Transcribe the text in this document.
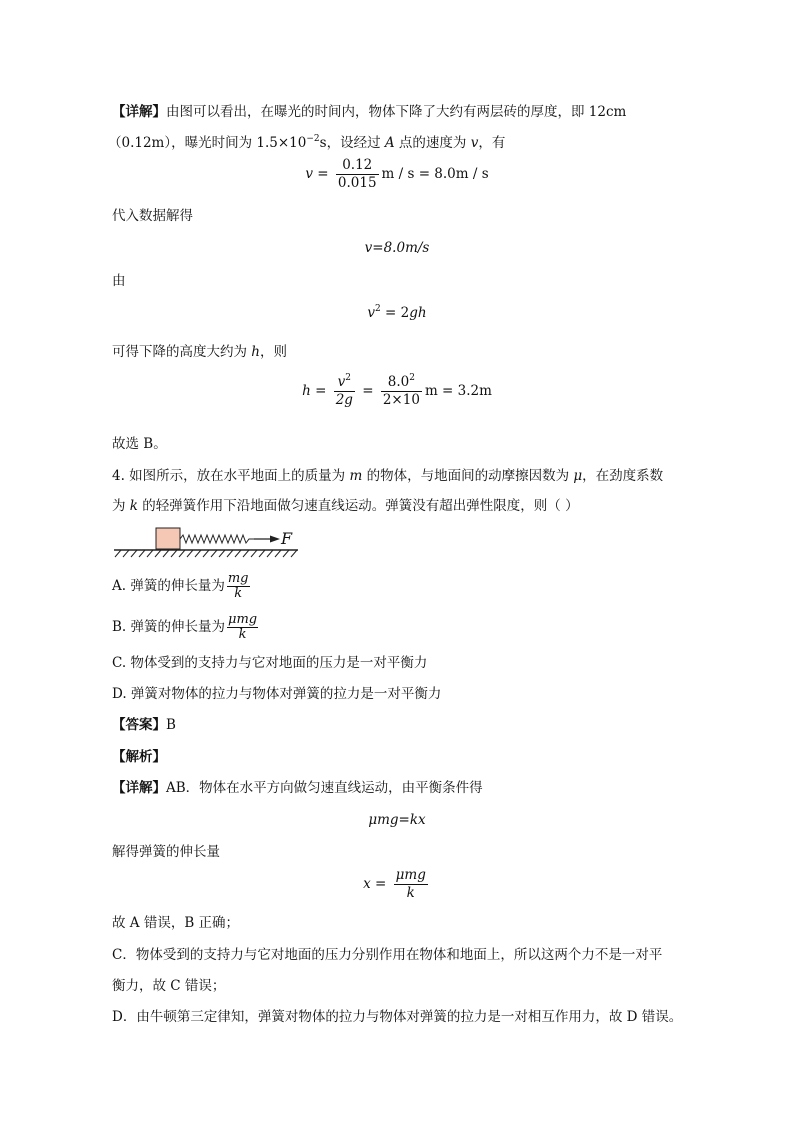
【详解】由图可以看出，在曝光的时间内，物体下降了大约有两层砖的厚度，即 12cm
（0.12m），曝光时间为 $1.5\times 10^{-2}s$，设经过 A 点的速度为 v，有
$v = \frac{0.12}{0.015}$ m / s = 8.0m / s
代入数据解得
v=8.0m/s
由
$v^2 = 2gh$
可得下降的高度大约为 h，则
$h = \frac{v^2}{2g} = \frac{8.0^2}{2\times 10}$ m = 3.2m
故选 B。
4. 如图所示，放在水平地面上的质量为 m 的物体，与地面间的动摩擦因数为 μ，在劲度系数
为 k 的轻弹簧作用下沿地面做匀速直线运动。弹簧没有超出弹性限度，则（ ）
F
A. 弹簧的伸长量为 $\frac{mg}{k}$
B. 弹簧的伸长量为 $\frac{\text{μmg}}{k}$
C. 物体受到的支持力与它对地面的压力是一对平衡力
D. 弹簧对物体的拉力与物体对弹簧的拉力是一对平衡力
【答案】B
【解析】
【详解】AB．物体在水平方向做匀速直线运动，由平衡条件得
μmg=kx
解得弹簧的伸长量
$x = \frac{\text{μmg}}{k}$
故 A 错误，B 正确；
C．物体受到的支持力与它对地面的压力分别作用在物体和地面上，所以这两个力不是一对平
衡力，故 C 错误；
D．由牛顿第三定律知，弹簧对物体的拉力与物体对弹簧的拉力是一对相互作用力，故 D 错误。
